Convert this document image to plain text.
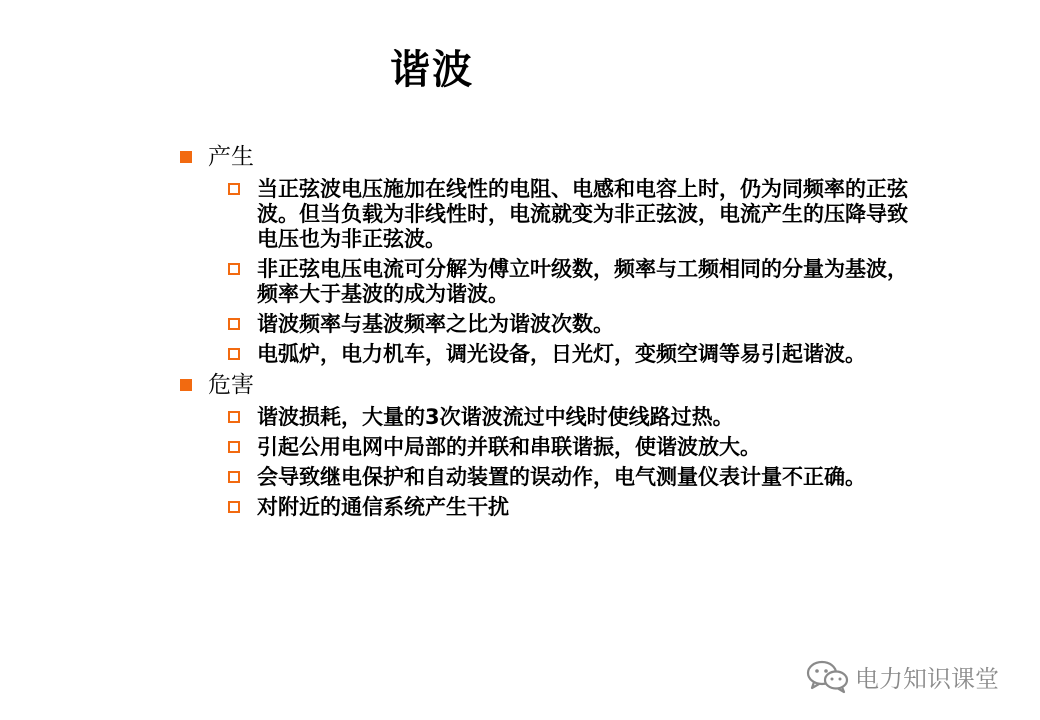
谐波
产生
当正弦波电压施加在线性的电阻、电感和电容上时，仍为同频率的正弦波。但当负载为非线性时，电流就变为非正弦波，电流产生的压降导致电压也为非正弦波。
非正弦电压电流可分解为傅立叶级数，频率与工频相同的分量为基波，频率大于基波的成为谐波。
谐波频率与基波频率之比为谐波次数。
电弧炉，电力机车，调光设备，日光灯，变频空调等易引起谐波。
危害
谐波损耗，大量的3次谐波流过中线时使线路过热。
引起公用电网中局部的并联和串联谐振，使谐波放大。
会导致继电保护和自动装置的误动作，电气测量仪表计量不正确。
对附近的通信系统产生干扰
电力知识课堂
